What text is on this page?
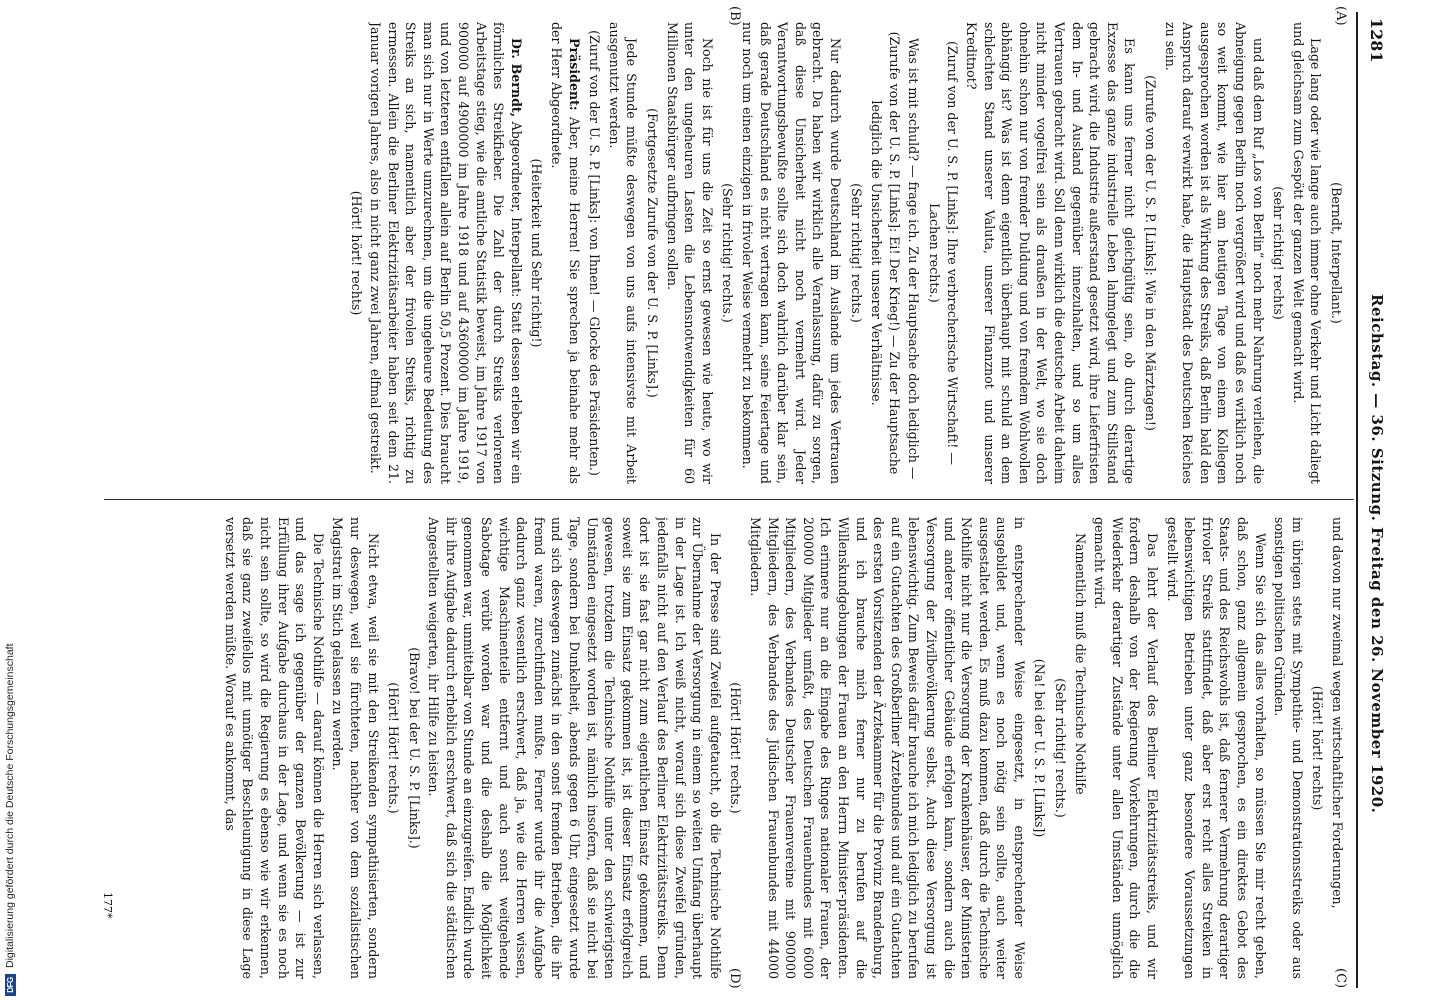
1281
Reichstag. — 36. Sitzung. Freitag den 26. November 1920.
(A)
(B)
(C)
(D)
(Berndt, Interpellant.)
Lage lang oder wie lange auch immer ohne Verkehr und Licht daliegt und gleichsam zum Gespött der ganzen Welt gemacht wird.
(sehr richtig! rechts)
und daß dem Ruf „Los von Berlin“ noch mehr Nahrung verliehen, die Abneigung gegen Berlin noch vergrößert wird und daß es wirklich noch so weit kommt, wie hier am heutigen Tage von einem Kollegen ausgesprochen worden ist als Wirkung des Streiks, daß Berlin bald den Anspruch darauf verwirkt habe, die Hauptstadt des Deutschen Reiches zu sein.
(Zurufe von der U. S. P. [Links]: Wie in den Märztagen!)
Es kann uns ferner nicht gleichgültig sein, ob durch derartige Exzesse das ganze industrielle Leben lahmgelegt und zum Stillstand gebracht wird, die Industrie außerstand gesetzt wird, ihre Lieferfristen dem In- und Ausland gegenüber innezuhalten, und so um alles Vertrauen gebracht wird. Soll denn wirklich die deutsche Arbeit daheim nicht minder vogelfrei sein als draußen in der Welt, wo sie doch ohnehin schon nur von fremder Duldung und von fremdem Wohlwollen abhängig ist? Was ist denn eigentlich überhaupt mit schuld an dem schlechten Stand unserer Valuta, unserer Finanznot und unserer Kreditnot?
(Zuruf von der U. S. P. [Links]: Ihre verbrecherische Wirtschaft! — Lachen rechts.)
Was ist mit schuld? — frage ich. Zu der Hauptsache doch lediglich —
(Zurufe von der U. S. P. [Links]: Ei! Der Krieg!) — Zu der Hauptsache lediglich die Unsicherheit unserer Verhältnisse.
(Sehr richtig! rechts.)
Nur dadurch wurde Deutschland im Auslande um jedes Vertrauen gebracht. Da haben wir wirklich alle Veranlassung, dafür zu sorgen, daß diese Unsicherheit nicht noch vermehrt wird. Jeder Verantwortungsbewußte sollte sich doch wahrlich darüber klar sein, daß gerade Deutschland es nicht vertragen kann, seine Feiertage und nur noch um einen einzigen in frivoler Weise vermehrt zu bekommen.
(Sehr richtig! rechts.)
Noch nie ist für uns die Zeit so ernst gewesen wie heute, wo wir unter den ungeheuren Lasten die Lebensnotwendigkeiten für 60 Millionen Staatsbürger aufbringen sollen.
(Fortgesetzte Zurufe von der U. S. P. [Links].)
Jede Stunde müßte deswegen von uns aufs intensivste mit Arbeit ausgenutzt werden.
(Zuruf von der U. S. P. [Links]: von Ihnen! — Glocke des Präsidenten.)
Präsident: Aber, meine Herren! Sie sprechen ja beinahe mehr als der Herr Abgeordnete.
(Heiterkeit und Sehr richtig!)
Dr. Berndt, Abgeordneter, Interpellant: Statt dessen erleben wir ein förmliches Streikfieber. Die Zahl der durch Streiks verlorenen Arbeitstage stieg, wie die amtliche Statistik beweist, im Jahre 1917 von 900000 auf 4900000 im Jahre 1918 und auf 43600000 im Jahre 1919, und von letzteren entfallen allein auf Berlin 50,5 Prozent. Dies braucht man sich nur in Werte umzurechnen, um die ungeheure Bedeutung des Streiks an sich, namentlich aber der frivolen Streiks, richtig zu ermessen. Allein die Berliner Elektrizitätsarbeiter haben seit dem 21. Januar vorigen Jahres, also in nicht ganz zwei Jahren, elfmal gestreikt.
(Hört! hört! rechts)
und davon nur zweimal wegen wirtschaftlicher Forderungen,
(Hört! hört! rechts)
im übrigen stets mit Sympathie- und Demonstrationsstreiks oder aus sonstigen politischen Gründen.
Wenn Sie sich das alles vorhalten, so müssen Sie mir recht geben, daß schon, ganz allgemein gesprochen, es ein direktes Gebot des Staats- und des Reichswohls ist, daß fernerer Vermehrung derartiger frivoler Streiks stattfindet, daß aber erst recht alles Streiken in lebenswichtigen Betrieben unter ganz besondere Voraussetzungen gestellt wird.
Das lehrt der Verlauf des Berliner Elektrizitätsstreiks, und wir fordern deshalb von der Regierung Vorkehrungen, durch die die Wiederkehr derartiger Zustände unter allen Umständen unmöglich gemacht wird.
Namentlich muß die Technische Nothilfe
(Sehr richtig! rechts.)
(Na! bei der U. S. P. [Links])
in entsprechender Weise eingesetzt, in entsprechender Weise ausgebildet und, wenn es noch nötig sein sollte, auch weiter ausgestaltet werden. Es muß dazu kommen, daß durch die Technische Nothilfe nicht nur die Versorgung der Krankenhäuser, der Ministerien und anderer öffentlicher Gebäude erfolgen kann, sondern auch die Versorgung der Zivilbevölkerung selbst. Auch diese Versorgung ist lebenswichtig. Zum Beweis dafür brauche ich mich lediglich zu berufen auf ein Gutachten des Großberliner Ärztebundes und auf ein Gutachten des ersten Vorsitzenden der Ärztekammer für die Provinz Brandenburg, und ich brauche mich ferner nur zu berufen auf die Willenskundgebungen der Frauen an den Herrn Minister-präsidenten. Ich erinnere nur an die Eingabe des Ringes nationaler Frauen, der 200000 Mitglieder umfaßt, des Deutschen Frauenbundes mit 6000 Mitgliedern, des Verbandes Deutscher Frauenvereine mit 900000 Mitgliedern, des Verbandes des Jüdischen Frauenbundes mit 44000 Mitgliedern.
(Hört! Hört! rechts.)
In der Presse sind Zweifel aufgetaucht, ob die Technische Nothilfe zur Übernahme der Versorgung in einem so weiten Umfang überhaupt in der Lage ist. Ich weiß nicht, worauf sich diese Zweifel gründen, jedenfalls nicht auf den Verlauf des Berliner Elektrizitätsstreiks. Denn dort ist sie fast gar nicht zum eigentlichen Einsatz gekommen, und soweit sie zum Einsatz gekommen ist, ist dieser Einsatz erfolgreich gewesen, trotzdem die Technische Nothilfe unter den schwierigsten Umständen eingesetzt worden ist, nämlich insofern, daß sie nicht bei Tage, sondern bei Dunkelheit, abends gegen 6 Uhr, eingesetzt wurde und sich deswegen zunächst in den sonst fremden Betrieben, die ihr fremd waren, zurechtfinden mußte. Ferner wurde ihr die Aufgabe dadurch ganz wesentlich erschwert, daß ja, wie die Herren wissen, wichtige Maschinenteile entfernt und auch sonst weitgehende Sabotage verübt worden war und die deshalb die Möglichkeit genommen war, unmittelbar von Stunde an einzugreifen. Endlich wurde ihr ihre Aufgabe dadurch erheblich erschwert, daß sich die städtischen Angestellten weigerten, ihr Hilfe zu leisten.
(Bravo! bei der U. S. P. [Links].)
(Hört! Hört! rechts.)
Nicht etwa, weil sie mit den Streikenden sympathisierten, sondern nur deswegen, weil sie fürchteten, nachher von dem sozialistischen Magistrat im Stich gelassen zu werden.
Die Technische Nothilfe — darauf können die Herren sich verlassen, und das sage ich gegenüber der ganzen Bevölkerung — ist zur Erfüllung ihrer Aufgabe durchaus in der Lage, und wenn sie es noch nicht sein sollte, so wird die Regierung es ebenso wie wir erkennen, daß sie ganz zweifellos mit unnötiger Beschleunigung in diese Lage versetzt werden müßte. Worauf es ankommt, das
177*
DFG
Digitalisierung gefördert durch die Deutsche Forschungsgemeinschaft
